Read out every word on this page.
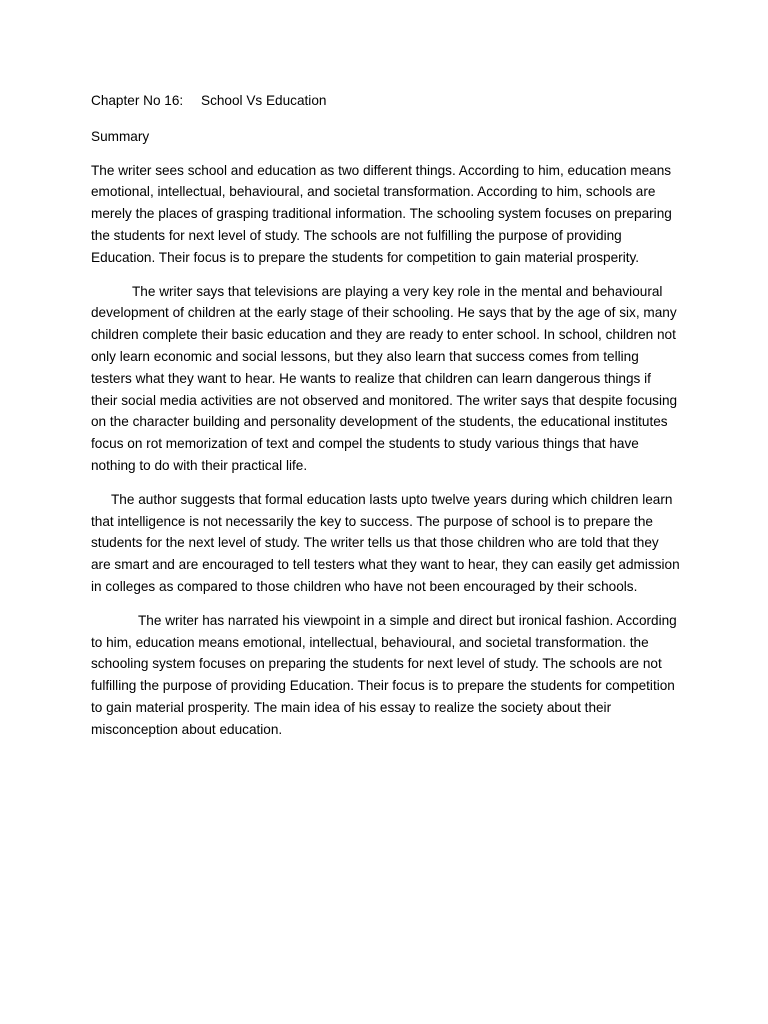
Chapter No 16: School Vs Education
Summary

The writer sees school and education as two different things. According to him, education means emotional, intellectual, behavioural, and societal transformation. According to him, schools are merely the places of grasping traditional information. The schooling system focuses on preparing the students for next level of study. The schools are not fulfilling the purpose of providing Education. Their focus is to prepare the students for competition to gain material prosperity.

The writer says that televisions are playing a very key role in the mental and behavioural development of children at the early stage of their schooling. He says that by the age of six, many children complete their basic education and they are ready to enter school. In school, children not only learn economic and social lessons, but they also learn that success comes from telling testers what they want to hear. He wants to realize that children can learn dangerous things if their social media activities are not observed and monitored. The writer says that despite focusing on the character building and personality development of the students, the educational institutes focus on rot memorization of text and compel the students to study various things that have nothing to do with their practical life.

The author suggests that formal education lasts upto twelve years during which children learn that intelligence is not necessarily the key to success. The purpose of school is to prepare the students for the next level of study. The writer tells us that those children who are told that they are smart and are encouraged to tell testers what they want to hear, they can easily get admission in colleges as compared to those children who have not been encouraged by their schools.

The writer has narrated his viewpoint in a simple and direct but ironical fashion. According to him, education means emotional, intellectual, behavioural, and societal transformation. the schooling system focuses on preparing the students for next level of study. The schools are not fulfilling the purpose of providing Education. Their focus is to prepare the students for competition to gain material prosperity. The main idea of his essay to realize the society about their misconception about education.
